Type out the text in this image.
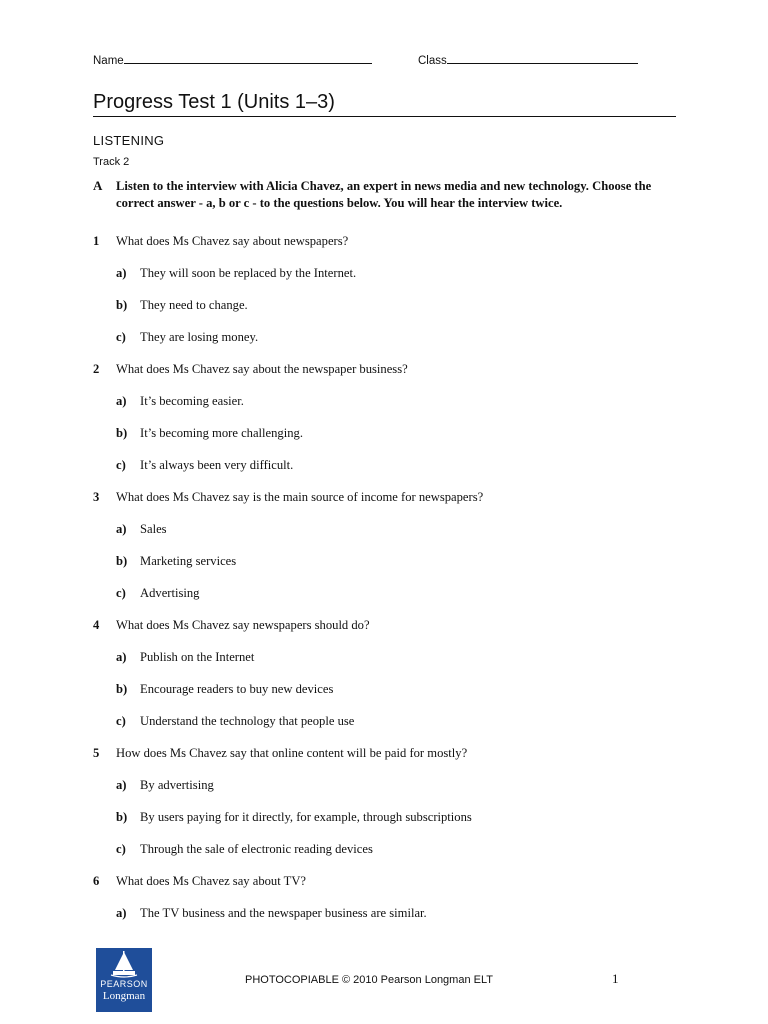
Name	Class
Progress Test 1 (Units 1–3)
LISTENING
Track 2
A Listen to the interview with Alicia Chavez, an expert in news media and new technology. Choose the correct answer - a, b or c - to the questions below. You will hear the interview twice.
1 What does Ms Chavez say about newspapers?
a) They will soon be replaced by the Internet.
b) They need to change.
c) They are losing money.
2 What does Ms Chavez say about the newspaper business?
a) It’s becoming easier.
b) It’s becoming more challenging.
c) It’s always been very difficult.
3 What does Ms Chavez say is the main source of income for newspapers?
a) Sales
b) Marketing services
c) Advertising
4 What does Ms Chavez say newspapers should do?
a) Publish on the Internet
b) Encourage readers to buy new devices
c) Understand the technology that people use
5 How does Ms Chavez say that online content will be paid for mostly?
a) By advertising
b) By users paying for it directly, for example, through subscriptions
c) Through the sale of electronic reading devices
6 What does Ms Chavez say about TV?
a) The TV business and the newspaper business are similar.
PEARSON
Longman
PHOTOCOPIABLE © 2010 Pearson Longman ELT	1
